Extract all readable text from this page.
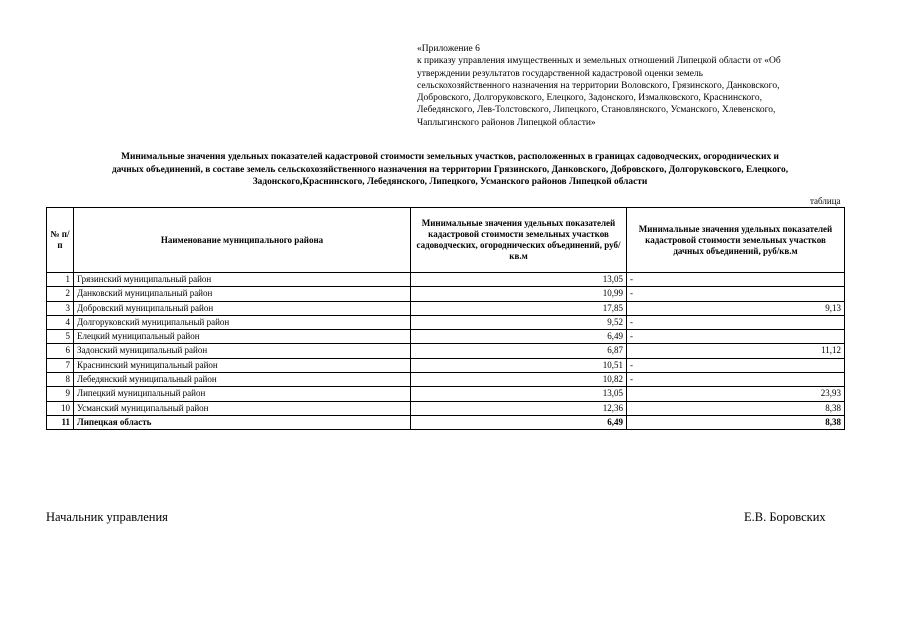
«Приложение 6
к приказу управления имущественных и земельных отношений Липецкой области от «Об
утверждении результатов государственной кадастровой оценки земель
сельскохозяйственного назначения на территории Воловского, Грязинского, Данковского,
Добровского, Долгоруковского, Елецкого, Задонского, Измалковского, Краснинского,
Лебедянского, Лев-Толстовского, Липецкого, Становлянского, Усманского, Хлевенского,
Чаплыгинского районов Липецкой области»
Минимальные значения удельных показателей кадастровой стоимости земельных участков, расположенных в границах садоводческих, огороднических и
дачных объединений, в составе земель сельскохозяйственного назначения на территории Грязинского, Данковского, Добровского, Долгоруковского, Елецкого,
Задонского,Краснинского, Лебедянского, Липецкого, Усманского районов Липецкой области
таблица
№ п/п	Наименование муниципального района	Минимальные значения удельных показателей кадастровой стоимости земельных участков садоводческих, огороднических объединений, руб/кв.м	Минимальные значения удельных показателей кадастровой стоимости земельных участков дачных объединений, руб/кв.м
1	Грязинский муниципальный район	13,05	-
2	Данковский муниципальный район	10,99	-
3	Добровский муниципальный район	17,85	9,13
4	Долгоруковский муниципальный район	9,52	-
5	Елецкий муниципальный район	6,49	-
6	Задонский муниципальный район	6,87	11,12
7	Краснинский муниципальный район	10,51	-
8	Лебедянский муниципальный район	10,82	-
9	Липецкий муниципальный район	13,05	23,93
10	Усманский муниципальный район	12,36	8,38
11	Липецкая область	6,49	8,38
Начальник управления	Е.В. Боровских
